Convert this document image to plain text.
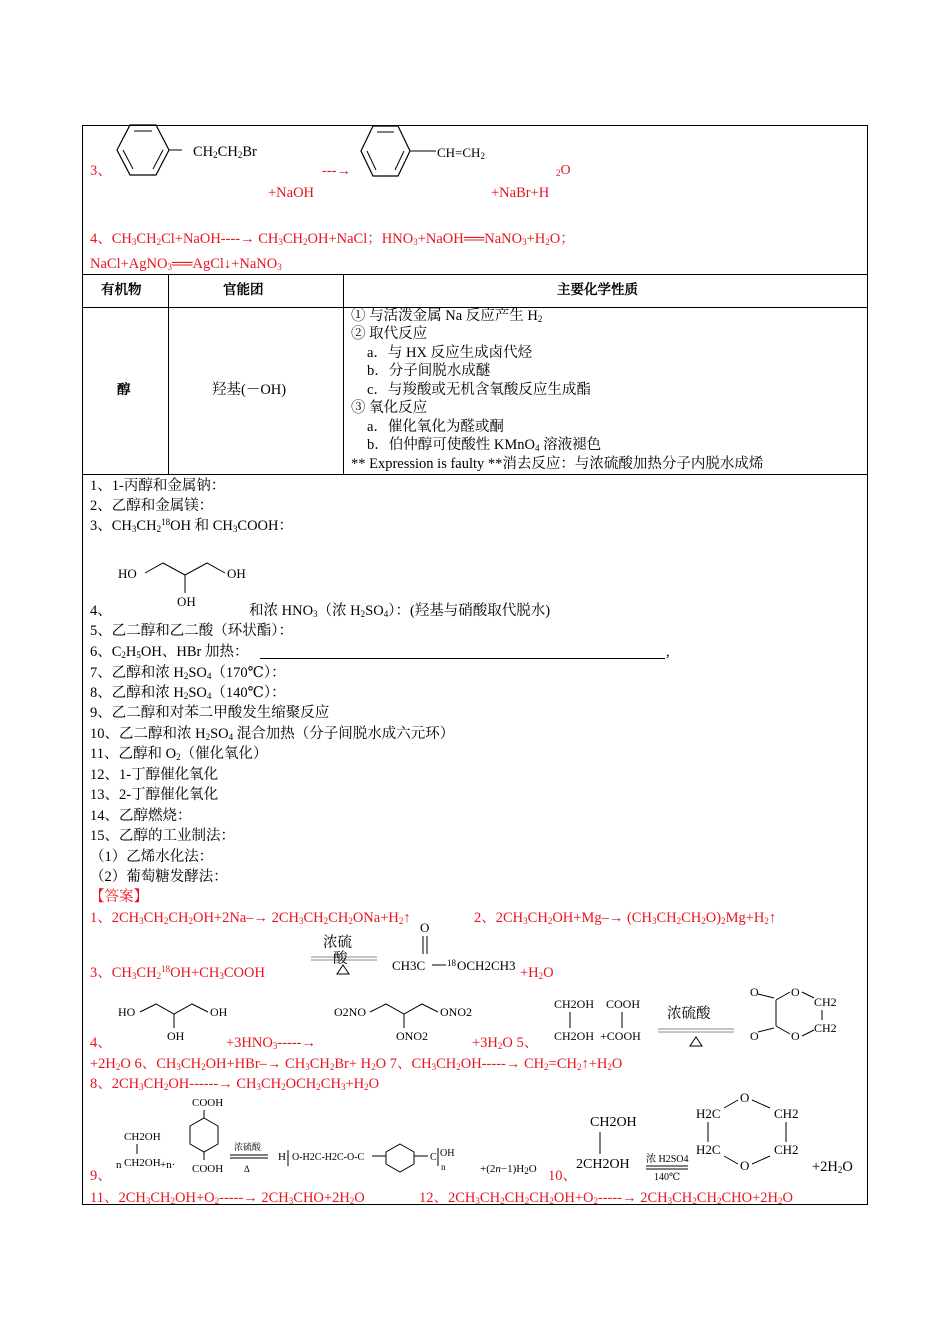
$CH_2CH_2Br$
3、	---→
$CH=CH_2$
$_2$O
+NaOH	+NaBr+H
4、$CH_3CH_2Cl+NaOH----\to$ $CH_3CH_2OH+NaCl$；$HNO_3+NaOH══NaNO_3+H_2O$；
NaCl+AgNO$_3$══AgCl↓+NaNO$_3$
有机物	官能团	主要化学性质
醇	羟基(－OH)
① 与活泼金属 Na 反应产生 $H_2$
② 取代反应
a．与 HX 反应生成卤代烃
b．分子间脱水成醚
c．与羧酸或无机含氧酸反应生成酯
③ 氧化反应
a．催化氧化为醛或酮
b．伯仲醇可使酸性 KMnO$_4$ 溶液褪色
** Expression is faulty **消去反应：与浓硫酸加热分子内脱水成烯
1、1-丙醇和金属钠：
2、乙醇和金属镁：
3、$CH_3CH_2^{18}OH$ 和 $CH_3COOH$：
HO	OH
OH
4、	和浓 $HNO_3$（浓 $H_2SO_4$）：(羟基与硝酸取代脱水)
5、乙二醇和乙二酸（环状酯）：
6、$C_2H_5OH$、HBr 加热：	,
7、乙醇和浓 $H_2SO_4(170℃)$：
8、乙醇和浓 $H_2SO_4(140℃)$：
9、乙二醇和对苯二甲酸发生缩聚反应
10、乙二醇和浓 $H_2SO_4$ 混合加热（分子间脱水成六元环）
11、乙醇和 $O_2$（催化氧化）
12、1-丁醇催化氧化
13、2-丁醇催化氧化
14、乙醇燃烧：
15、乙醇的工业制法：
（1）乙烯水化法：
（2）葡萄糖发酵法：
【答案】
1、$2CH_3CH_2CH_2OH+2Na-\to$ $2CH_3CH_2CH_2ONa+H_2↑$	2、$2CH_3CH_2OH+Mg-\to$ $(CH_3CH_2CH_2O)_2Mg+H_2↑$
3、$CH_3CH_2^{18}OH+CH_3COOH$
浓硫
酸
O
CH3C 18 $OCH2CH3 +H_2O$
HO	OH
OH
4、	$+3HNO_3-----\to$
O2NO	ONO2
ONO2	$+3H_2O$ 5、
CH2OH COOH
CH2OH +COOH
浓硫酸
O
O
O
CH2
CH2
O
$+2H_2O$ 6、$CH_3CH_2OH+HBr-\to CH_3CH_2Br+ H_2O$ 7、$CH_3CH_2OH-----\to$ $CH_2=CH_2↑+H_2O$
8、$2CH_3CH_2OH------\to CH_3CH_2OCH_2CH_3+H_2O$
9、
CH2OH
n CH2OH +n·
COOH
COOH
浓硫酸
Δ
H O-H2C-H2C-O-C	C OH
n	$+(2n-1)H_2O$ 10、
CH2OH
2CH2OH 浓 H2SO4
140℃
H2C
O
CH2
H2C
O
CH2
$+2H_2O$
11、$2CH_3CH_2OH+O_2-----\to 2CH_3CHO+2H_2O$	12、$2CH_3CH_2CH_2CH_2OH+O_2-----\to 2CH_3CH_2CH_2CHO+2H_2O$
